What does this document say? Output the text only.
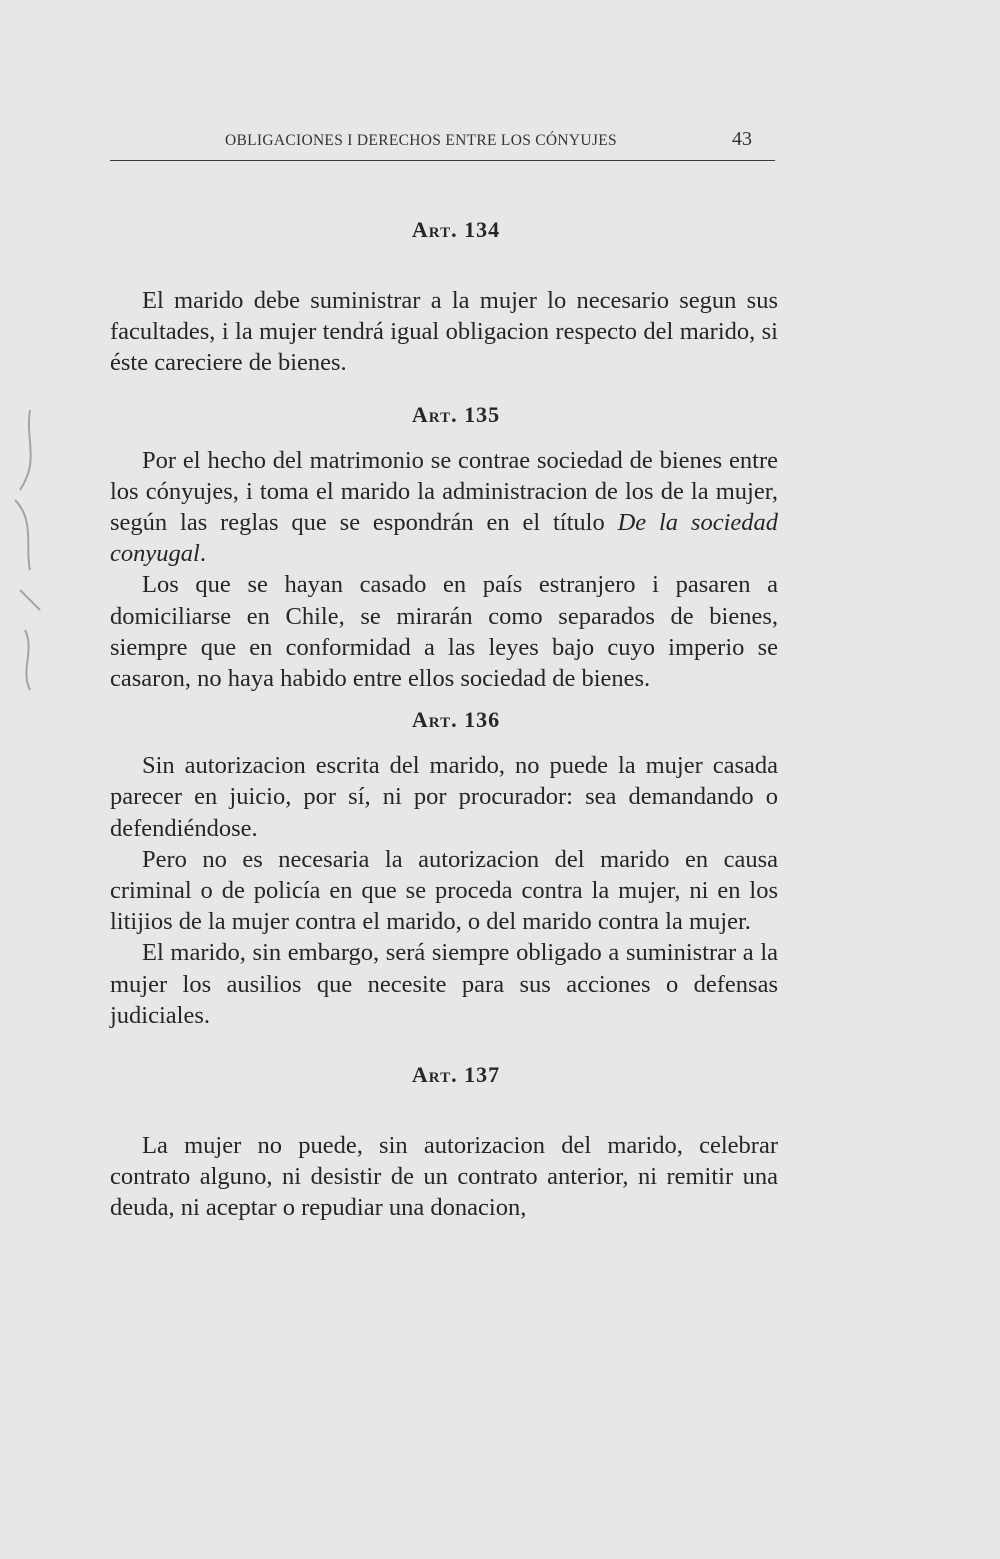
OBLIGACIONES I DERECHOS ENTRE LOS CÓNYUJES	43
Art. 134

El marido debe suministrar a la mujer lo necesario segun sus facultades, i la mujer tendrá igual obligacion respecto del marido, si éste careciere de bienes.

Art. 135

Por el hecho del matrimonio se contrae sociedad de bienes entre los cónyujes, i toma el marido la administracion de los de la mujer, según las reglas que se espondrán en el título De la sociedad conyugal.

Los que se hayan casado en país estranjero i pasaren a domiciliarse en Chile, se mirarán como separados de bienes, siempre que en conformidad a las leyes bajo cuyo imperio se casaron, no haya habido entre ellos sociedad de bienes.

Art. 136

Sin autorizacion escrita del marido, no puede la mujer casada parecer en juicio, por sí, ni por procurador: sea demandando o defendiéndose.

Pero no es necesaria la autorizacion del marido en causa criminal o de policía en que se proceda contra la mujer, ni en los litijios de la mujer contra el marido, o del marido contra la mujer.

El marido, sin embargo, será siempre obligado a suministrar a la mujer los ausilios que necesite para sus acciones o defensas judiciales.

Art. 137

La mujer no puede, sin autorizacion del marido, celebrar contrato alguno, ni desistir de un contrato anterior, ni remitir una deuda, ni aceptar o repudiar una donacion,
